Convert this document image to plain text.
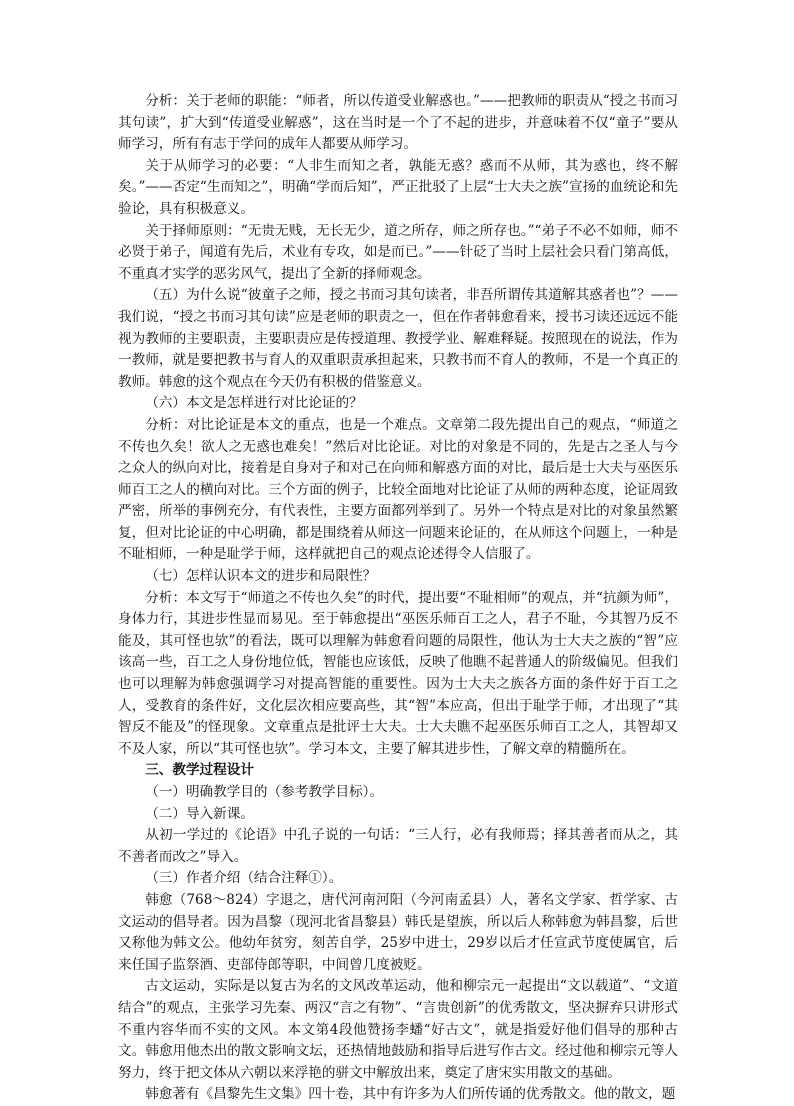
分析：关于老师的职能：“师者，所以传道受业解惑也。”——把教师的职责从“授之书而习其句读”，扩大到“传道受业解惑”，这在当时是一个了不起的进步，并意味着不仅“童子”要从师学习，所有有志于学问的成年人都要从师学习。

关于从师学习的必要：“人非生而知之者，孰能无惑？惑而不从师，其为惑也，终不解矣。”——否定“生而知之”，明确“学而后知”，严正批驳了上层“士大夫之族”宣扬的血统论和先验论，具有积极意义。

关于择师原则：“无贵无贱，无长无少，道之所存，师之所存也。”“弟子不必不如师，师不必贤于弟子，闻道有先后，术业有专攻，如是而已。”——针砭了当时上层社会只看门第高低，不重真才实学的恶劣风气，提出了全新的择师观念。

（五）为什么说“彼童子之师，授之书而习其句读者，非吾所谓传其道解其惑者也”？——我们说，“授之书而习其句读”应是老师的职责之一，但在作者韩愈看来，授书习读还远远不能视为教师的主要职责，主要职责应是传授道理、教授学业、解难释疑。按照现在的说法，作为一教师，就是要把教书与育人的双重职责承担起来，只教书而不育人的教师，不是一个真正的教师。韩愈的这个观点在今天仍有积极的借鉴意义。

（六）本文是怎样进行对比论证的？

分析：对比论证是本文的重点，也是一个难点。文章第二段先提出自己的观点，“师道之不传也久矣！欲人之无惑也难矣！”然后对比论证。对比的对象是不同的，先是古之圣人与今之众人的纵向对比，接着是自身对子和对己在向师和解惑方面的对比，最后是士大夫与巫医乐师百工之人的横向对比。三个方面的例子，比较全面地对比论证了从师的两种态度，论证周致严密，所举的事例充分，有代表性，主要方面都列举到了。另外一个特点是对比的对象虽然繁复，但对比论证的中心明确，都是围绕着从师这一问题来论证的，在从师这个问题上，一种是不耻相师，一种是耻学于师，这样就把自己的观点论述得令人信服了。

（七）怎样认识本文的进步和局限性？

分析：本文写于“师道之不传也久矣”的时代，提出要“不耻相师”的观点，并“抗颜为师”，身体力行，其进步性显而易见。至于韩愈提出“巫医乐师百工之人，君子不耻，今其智乃反不能及，其可怪也欤”的看法，既可以理解为韩愈看问题的局限性，他认为士大夫之族的“智”应该高一些，百工之人身份地位低，智能也应该低，反映了他瞧不起普通人的阶级偏见。但我们也可以理解为韩愈强调学习对提高智能的重要性。因为士大夫之族各方面的条件好于百工之人，受教育的条件好，文化层次相应要高些，其“智”本应高，但出于耻学于师，才出现了“其智反不能及”的怪现象。文章重点是批评士大夫。士大夫瞧不起巫医乐师百工之人，其智却又不及人家，所以“其可怪也欤”。学习本文，主要了解其进步性，了解文章的精髓所在。

三、教学过程设计

（一）明确教学目的（参考教学目标）。

（二）导入新课。

从初一学过的《论语》中孔子说的一句话：“三人行，必有我师焉；择其善者而从之，其不善者而改之”导入。

（三）作者介绍（结合注释①）。

韩愈（768～824）字退之，唐代河南河阳（今河南孟县）人，著名文学家、哲学家、古文运动的倡导者。因为昌黎（现河北省昌黎县）韩氏是望族，所以后人称韩愈为韩昌黎，后世又称他为韩文公。他幼年贫穷，刻苦自学，25岁中进士，29岁以后才任宣武节度使属官，后来任国子监祭酒、吏部侍郎等职，中间曾几度被贬。

古文运动，实际是以复古为名的文风改革运动，他和柳宗元一起提出“文以载道”、“文道结合”的观点，主张学习先秦、两汉“言之有物”、“言贵创新”的优秀散文，坚决摒弃只讲形式不重内容华而不实的文风。本文第4段他赞扬李蟠“好古文”，就是指爱好他们倡导的那种古文。韩愈用他杰出的散文影响文坛，还热情地鼓励和指导后进写作古文。经过他和柳宗元等人努力，终于把文体从六朝以来浮艳的骈文中解放出来，奠定了唐宋实用散文的基础。

韩愈著有《昌黎先生文集》四十卷，其中有许多为人们所传诵的优秀散文。他的散文，题
